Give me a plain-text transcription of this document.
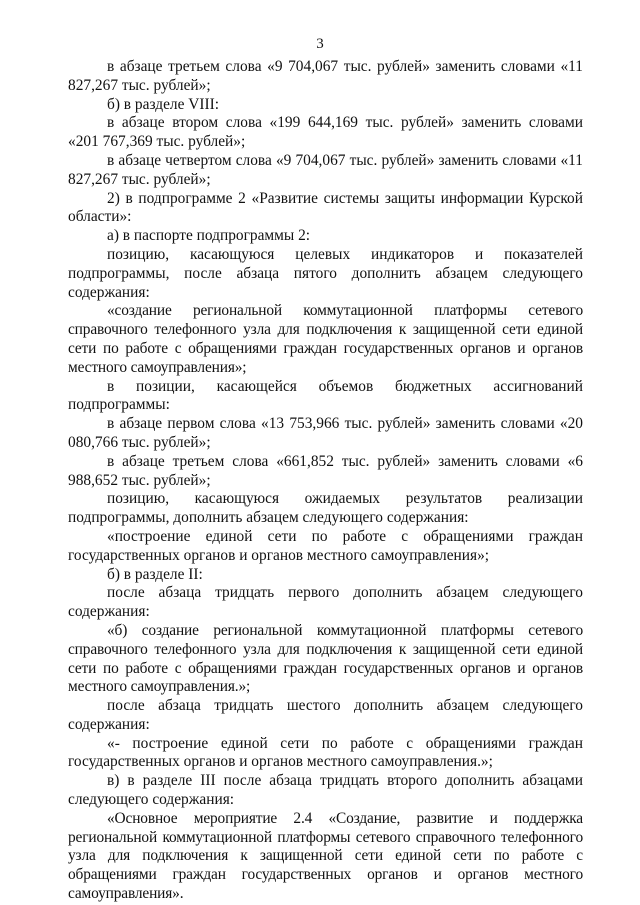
3

в абзаце третьем слова «9 704,067 тыс. рублей» заменить словами «11 827,267 тыс. рублей»;

б) в разделе VIII:

в абзаце втором слова «199 644,169 тыс. рублей» заменить словами «201 767,369 тыс. рублей»;

в абзаце четвертом слова «9 704,067 тыс. рублей» заменить словами «11 827,267 тыс. рублей»;

2) в подпрограмме 2 «Развитие системы защиты информации Курской области»:

а) в паспорте подпрограммы 2:

позицию, касающуюся целевых индикаторов и показателей подпрограммы, после абзаца пятого дополнить абзацем следующего содержания:

«создание региональной коммутационной платформы сетевого справочного телефонного узла для подключения к защищенной сети единой сети по работе с обращениями граждан государственных органов и органов местного самоуправления»;

в позиции, касающейся объемов бюджетных ассигнований подпрограммы:

в абзаце первом слова «13 753,966 тыс. рублей» заменить словами «20 080,766 тыс. рублей»;

в абзаце третьем слова «661,852 тыс. рублей» заменить словами «6 988,652 тыс. рублей»;

позицию, касающуюся ожидаемых результатов реализации подпрограммы, дополнить абзацем следующего содержания:

«построение единой сети по работе с обращениями граждан государственных органов и органов местного самоуправления»;

б) в разделе II:

после абзаца тридцать первого дополнить абзацем следующего содержания:

«б) создание региональной коммутационной платформы сетевого справочного телефонного узла для подключения к защищенной сети единой сети по работе с обращениями граждан государственных органов и органов местного самоуправления.»;

после абзаца тридцать шестого дополнить абзацем следующего содержания:

«- построение единой сети по работе с обращениями граждан государственных органов и органов местного самоуправления.»;

в) в разделе III после абзаца тридцать второго дополнить абзацами следующего содержания:

«Основное мероприятие 2.4 «Создание, развитие и поддержка региональной коммутационной платформы сетевого справочного телефонного узла для подключения к защищенной сети единой сети по работе с обращениями граждан государственных органов и органов местного самоуправления».
